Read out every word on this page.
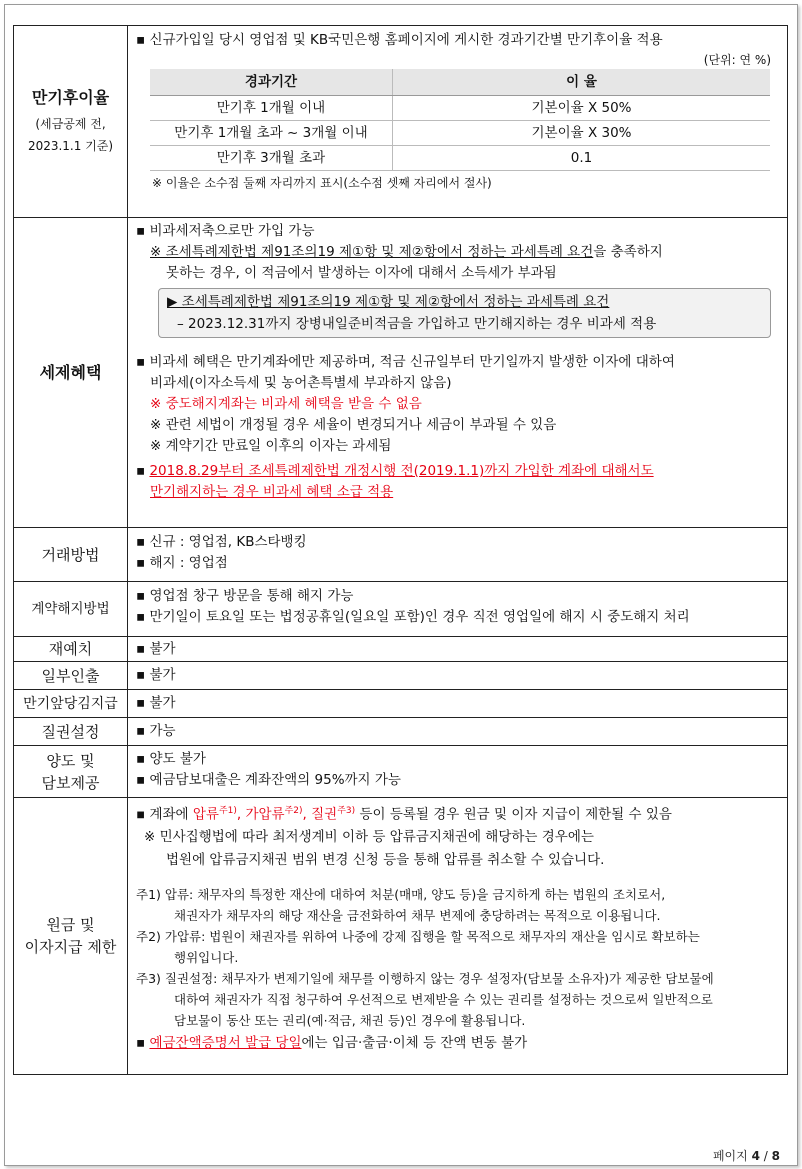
만기후이율
(세금공제 전,
2023.1.1 기준)

▪ 신규가입일 당시 영업점 및 KB국민은행 홈페이지에 게시한 경과기간별 만기후이율 적용
(단위: 연 %)
경과기간	이 율
만기후 1개월 이내	기본이율 X 50%
만기후 1개월 초과 ~ 3개월 이내	기본이율 X 30%
만기후 3개월 초과	0.1
※ 이율은 소수점 둘째 자리까지 표시(소수점 셋째 자리에서 절사)

세제혜택	
▪ 비과세저축으로만 가입 가능
※ 조세특례제한법 제91조의19 제①항 및 제②항에서 정하는 과세특례 요건을 충족하지
못하는 경우, 이 적금에서 발생하는 이자에 대해서 소득세가 부과됨
▶ 조세특례제한법 제91조의19 제①항 및 제②항에서 정하는 과세특례 요건
– 2023.12.31까지 장병내일준비적금을 가입하고 만기해지하는 경우 비과세 적용
▪ 비과세 혜택은 만기계좌에만 제공하며, 적금 신규일부터 만기일까지 발생한 이자에 대하여
비과세(이자소득세 및 농어촌특별세 부과하지 않음)
※ 중도해지계좌는 비과세 혜택을 받을 수 없음
※ 관련 세법이 개정될 경우 세율이 변경되거나 세금이 부과될 수 있음
※ 계약기간 만료일 이후의 이자는 과세됨
▪ 2018.8.29부터 조세특례제한법 개정시행 전(2019.1.1)까지 가입한 계좌에 대해서도
만기해지하는 경우 비과세 혜택 소급 적용

거래방법	
▪ 신규 : 영업점, KB스타뱅킹
▪ 해지 : 영업점

계약해지방법	
▪ 영업점 창구 방문을 통해 해지 가능
▪ 만기일이 토요일 또는 법정공휴일(일요일 포함)인 경우 직전 영업일에 해지 시 중도해지 처리

재예치	▪ 불가

일부인출	▪ 불가

만기앞당김지급	▪ 불가

질권설정	▪ 가능

양도 및
담보제공	
▪ 양도 불가
▪ 예금담보대출은 계좌잔액의 95%까지 가능

원금 및
이자지급 제한	
▪ 계좌에 압류$^{주1)}$, 가압류$^{주2)}$, 질권$^{주3)}$ 등이 등록될 경우 원금 및 이자 지급이 제한될 수 있음
※ 민사집행법에 따라 최저생계비 이하 등 압류금지채권에 해당하는 경우에는
법원에 압류금지채권 범위 변경 신청 등을 통해 압류를 취소할 수 있습니다.
주1) 압류: 채무자의 특정한 재산에 대하여 처분(매매, 양도 등)을 금지하게 하는 법원의 조치로서,
채권자가 채무자의 해당 재산을 금전화하여 채무 변제에 충당하려는 목적으로 이용됩니다.
주2) 가압류: 법원이 채권자를 위하여 나중에 강제 집행을 할 목적으로 채무자의 재산을 임시로 확보하는
행위입니다.
주3) 질권설정: 채무자가 변제기일에 채무를 이행하지 않는 경우 설정자(담보물 소유자)가 제공한 담보물에
대하여 채권자가 직접 청구하여 우선적으로 변제받을 수 있는 권리를 설정하는 것으로써 일반적으로
담보물이 동산 또는 권리(예·적금, 채권 등)인 경우에 활용됩니다.
▪ 예금잔액증명서 발급 당일에는 입금·출금·이체 등 잔액 변동 불가
페이지 4 / 8
